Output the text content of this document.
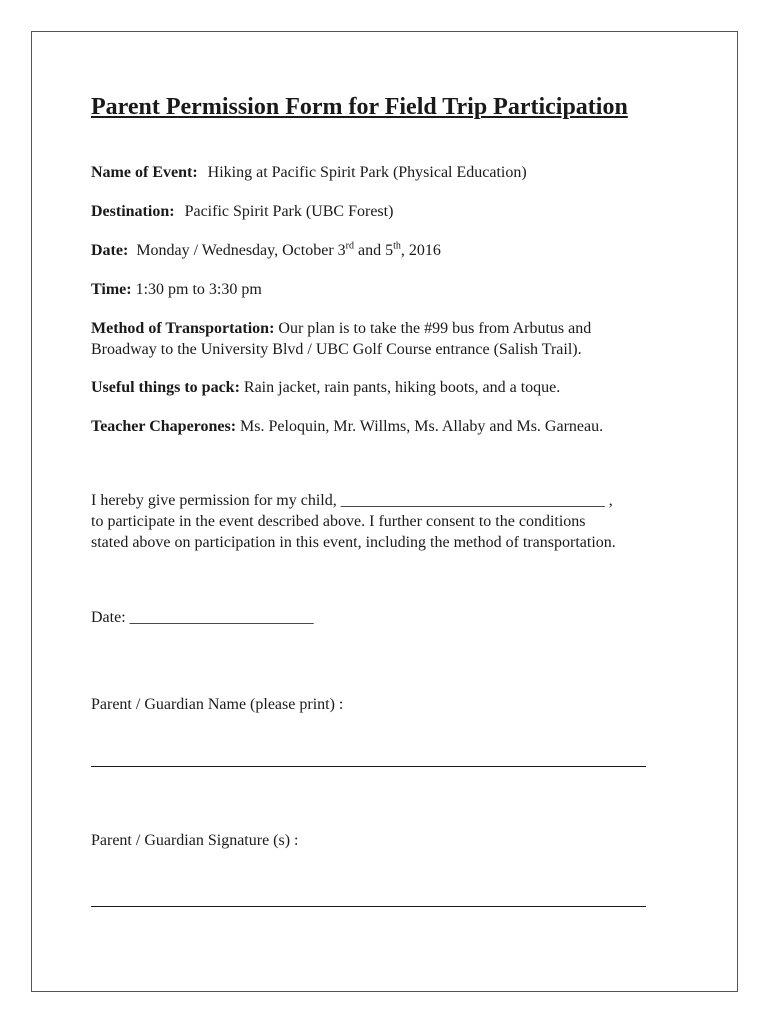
Parent Permission Form for Field Trip Participation
Name of Event: Hiking at Pacific Spirit Park (Physical Education)
Destination: Pacific Spirit Park (UBC Forest)
Date: Monday / Wednesday, October 3rd and 5th, 2016
Time: 1:30 pm to 3:30 pm
Method of Transportation: Our plan is to take the #99 bus from Arbutus and
Broadway to the University Blvd / UBC Golf Course entrance (Salish Trail).
Useful things to pack: Rain jacket, rain pants, hiking boots, and a toque.
Teacher Chaperones: Ms. Peloquin, Mr. Willms, Ms. Allaby and Ms. Garneau.
I hereby give permission for my child, _________________________________ ,
to participate in the event described above. I further consent to the conditions
stated above on participation in this event, including the method of transportation.
Date: _______________________
Parent / Guardian Name (please print) :
Parent / Guardian Signature (s) :
